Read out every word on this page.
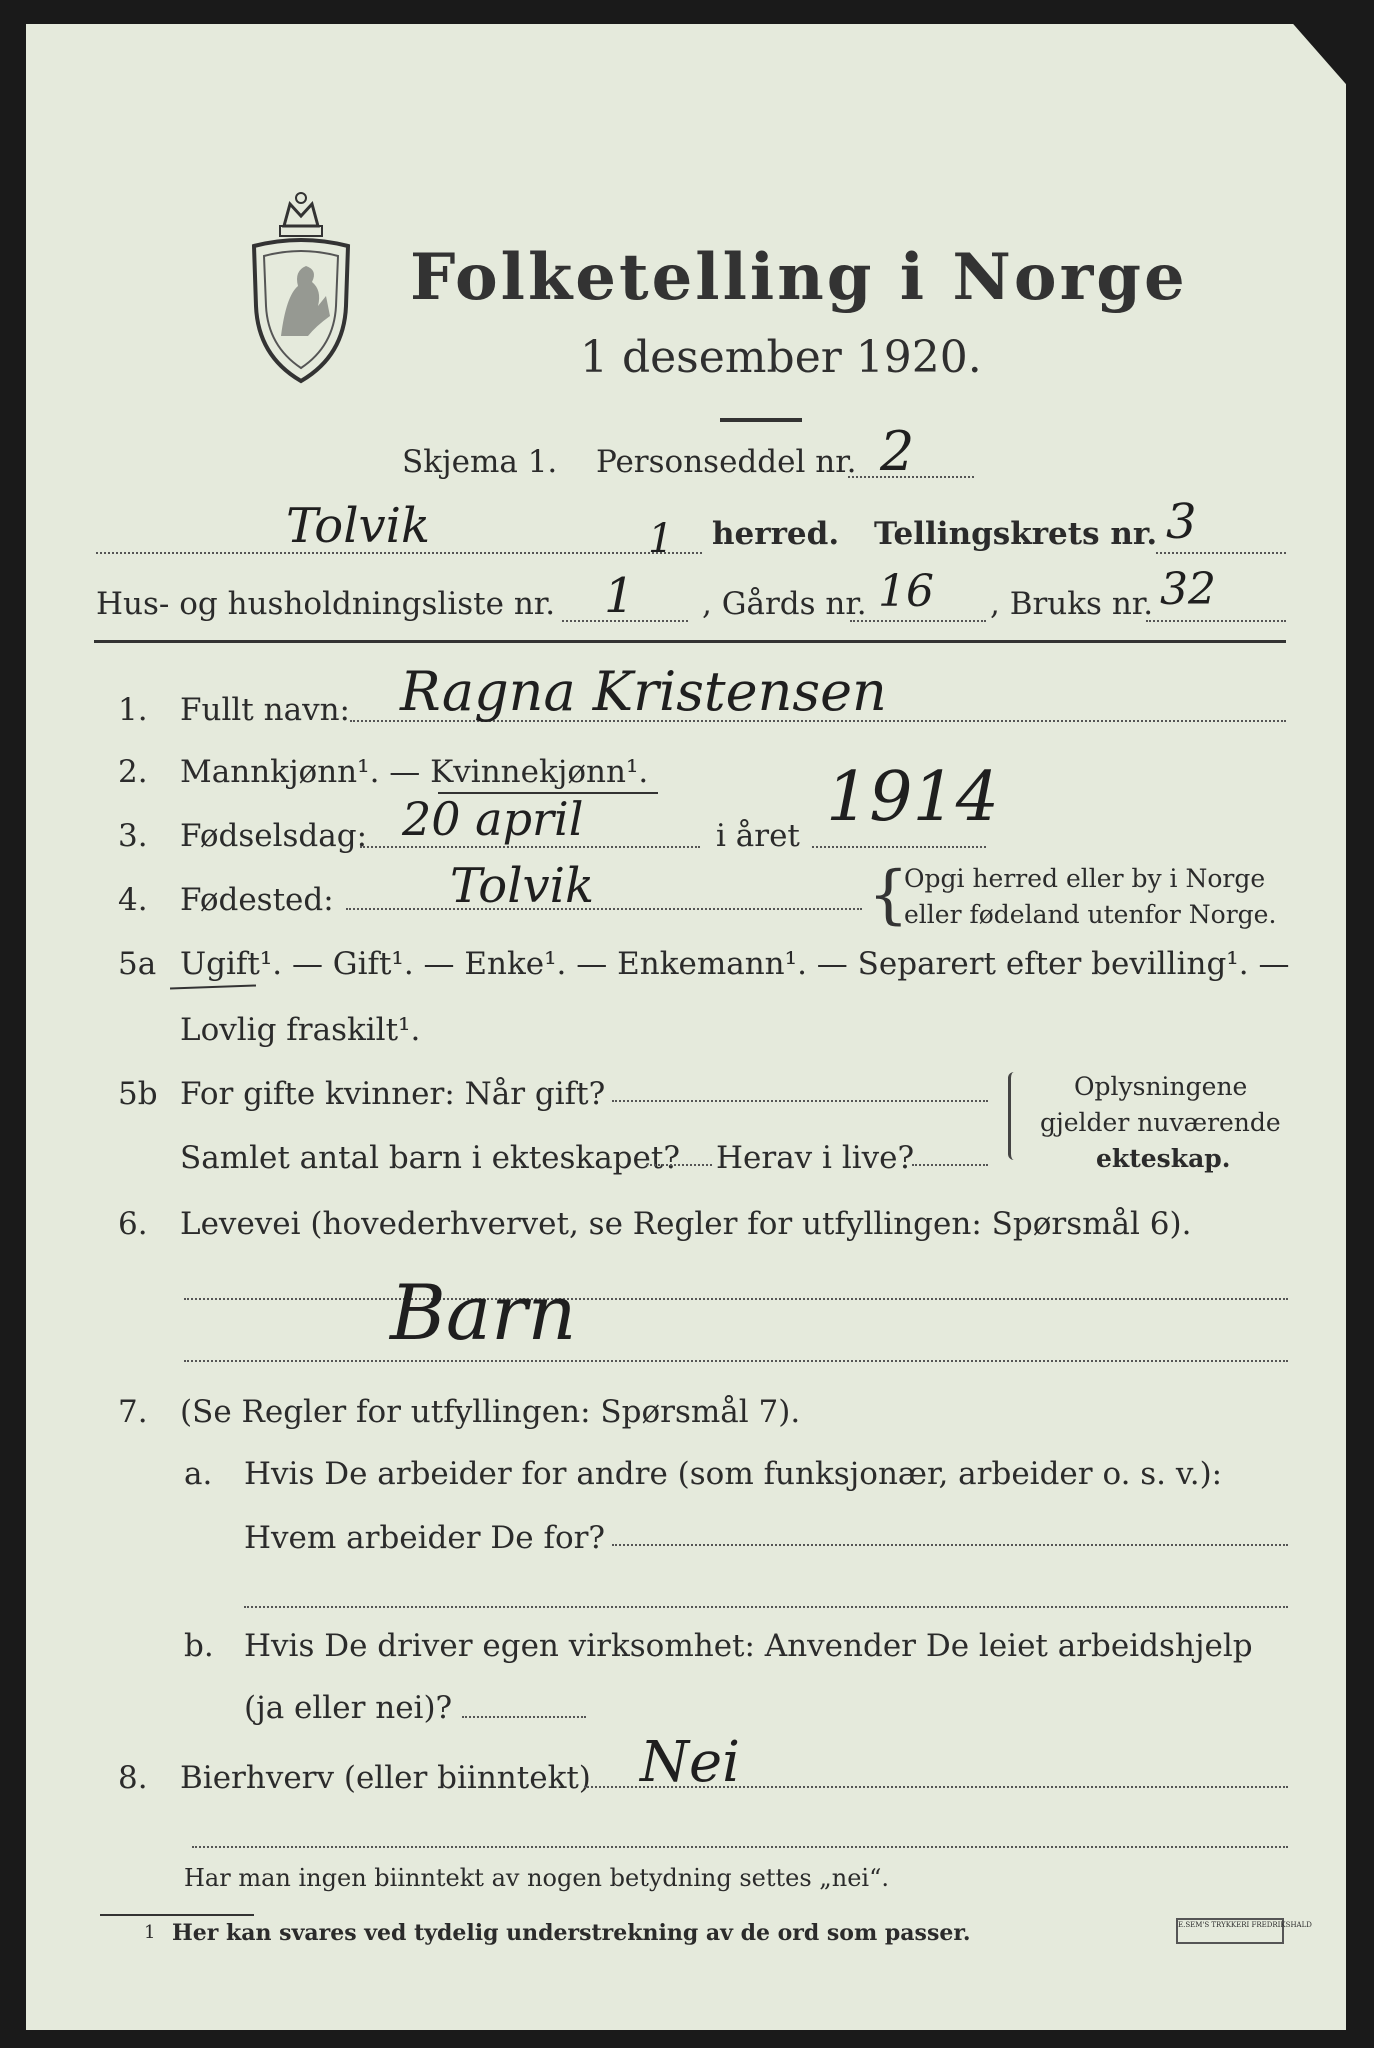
Folketelling i Norge
1 desember 1920.
Skjema 1. Personseddel nr. 2
Tolvik	1 herred. Tellingskrets nr. 3
Hus- og husholdningsliste nr. 1 , Gårds nr. 16 , Bruks nr. 32
1. Fullt navn: Ragna Kristensen
2. Mannkjønn¹. — Kvinnekjønn¹.
3. Fødselsdag: 20 april	i året 1914
4. Fødested: Tolvik	{
Opgi herred eller by i Norge
eller fødeland utenfor Norge.
5a Ugift¹. — Gift¹. — Enke¹. — Enkemann¹. — Separert efter bevilling¹. —
Lovlig fraskilt¹.
5b For gifte kvinner: Når gift?
Samlet antal barn i ekteskapet? Herav i live?
Oplysningene
gjelder nuværende
ekteskap.
6. Levevei (hovederhvervet, se Regler for utfyllingen: Spørsmål 6).
Barn
7. (Se Regler for utfyllingen: Spørsmål 7).
a. Hvis De arbeider for andre (som funksjonær, arbeider o. s. v.):
Hvem arbeider De for?
b. Hvis De driver egen virksomhet: Anvender De leiet arbeidshjelp
(ja eller nei)?
8. Bierhverv (eller biinntekt) Nei
Har man ingen biinntekt av nogen betydning settes „nei“.
1 Her kan svares ved tydelig understrekning av de ord som passer.	E.SEM'S TRYKKERI FREDRIKSHALD
